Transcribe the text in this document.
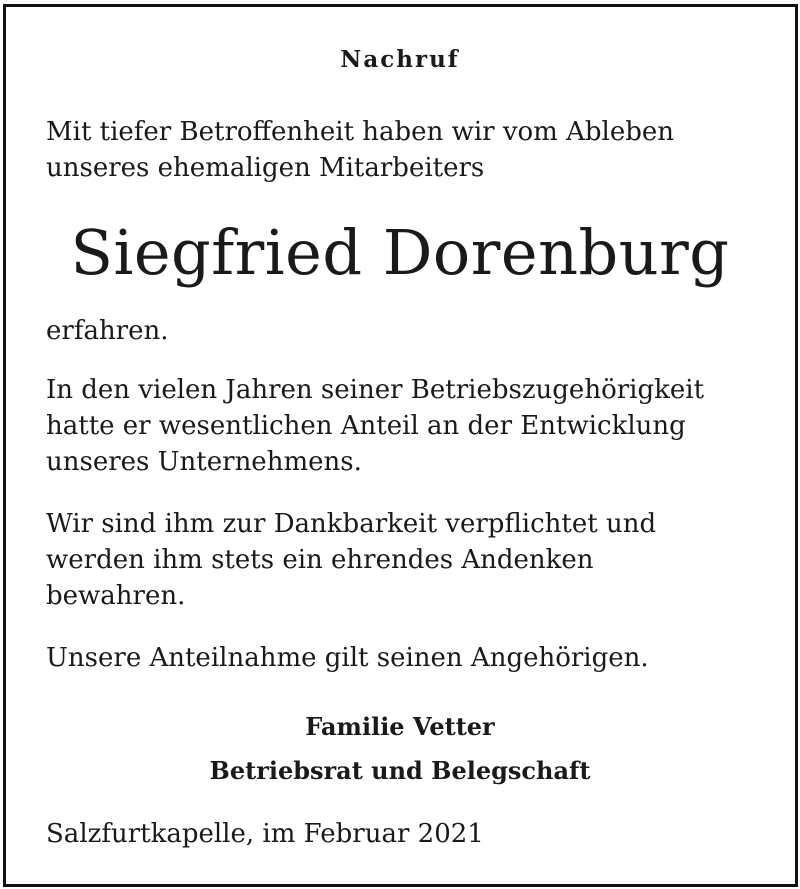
Nachruf
Mit tiefer Betroffenheit haben wir vom Ableben
unseres ehemaligen Mitarbeiters
Siegfried Dorenburg
erfahren.
In den vielen Jahren seiner Betriebszugehörigkeit
hatte er wesentlichen Anteil an der Entwicklung
unseres Unternehmens.
Wir sind ihm zur Dankbarkeit verpflichtet und
werden ihm stets ein ehrendes Andenken
bewahren.
Unsere Anteilnahme gilt seinen Angehörigen.
Familie Vetter
Betriebsrat und Belegschaft
Salzfurtkapelle, im Februar 2021
